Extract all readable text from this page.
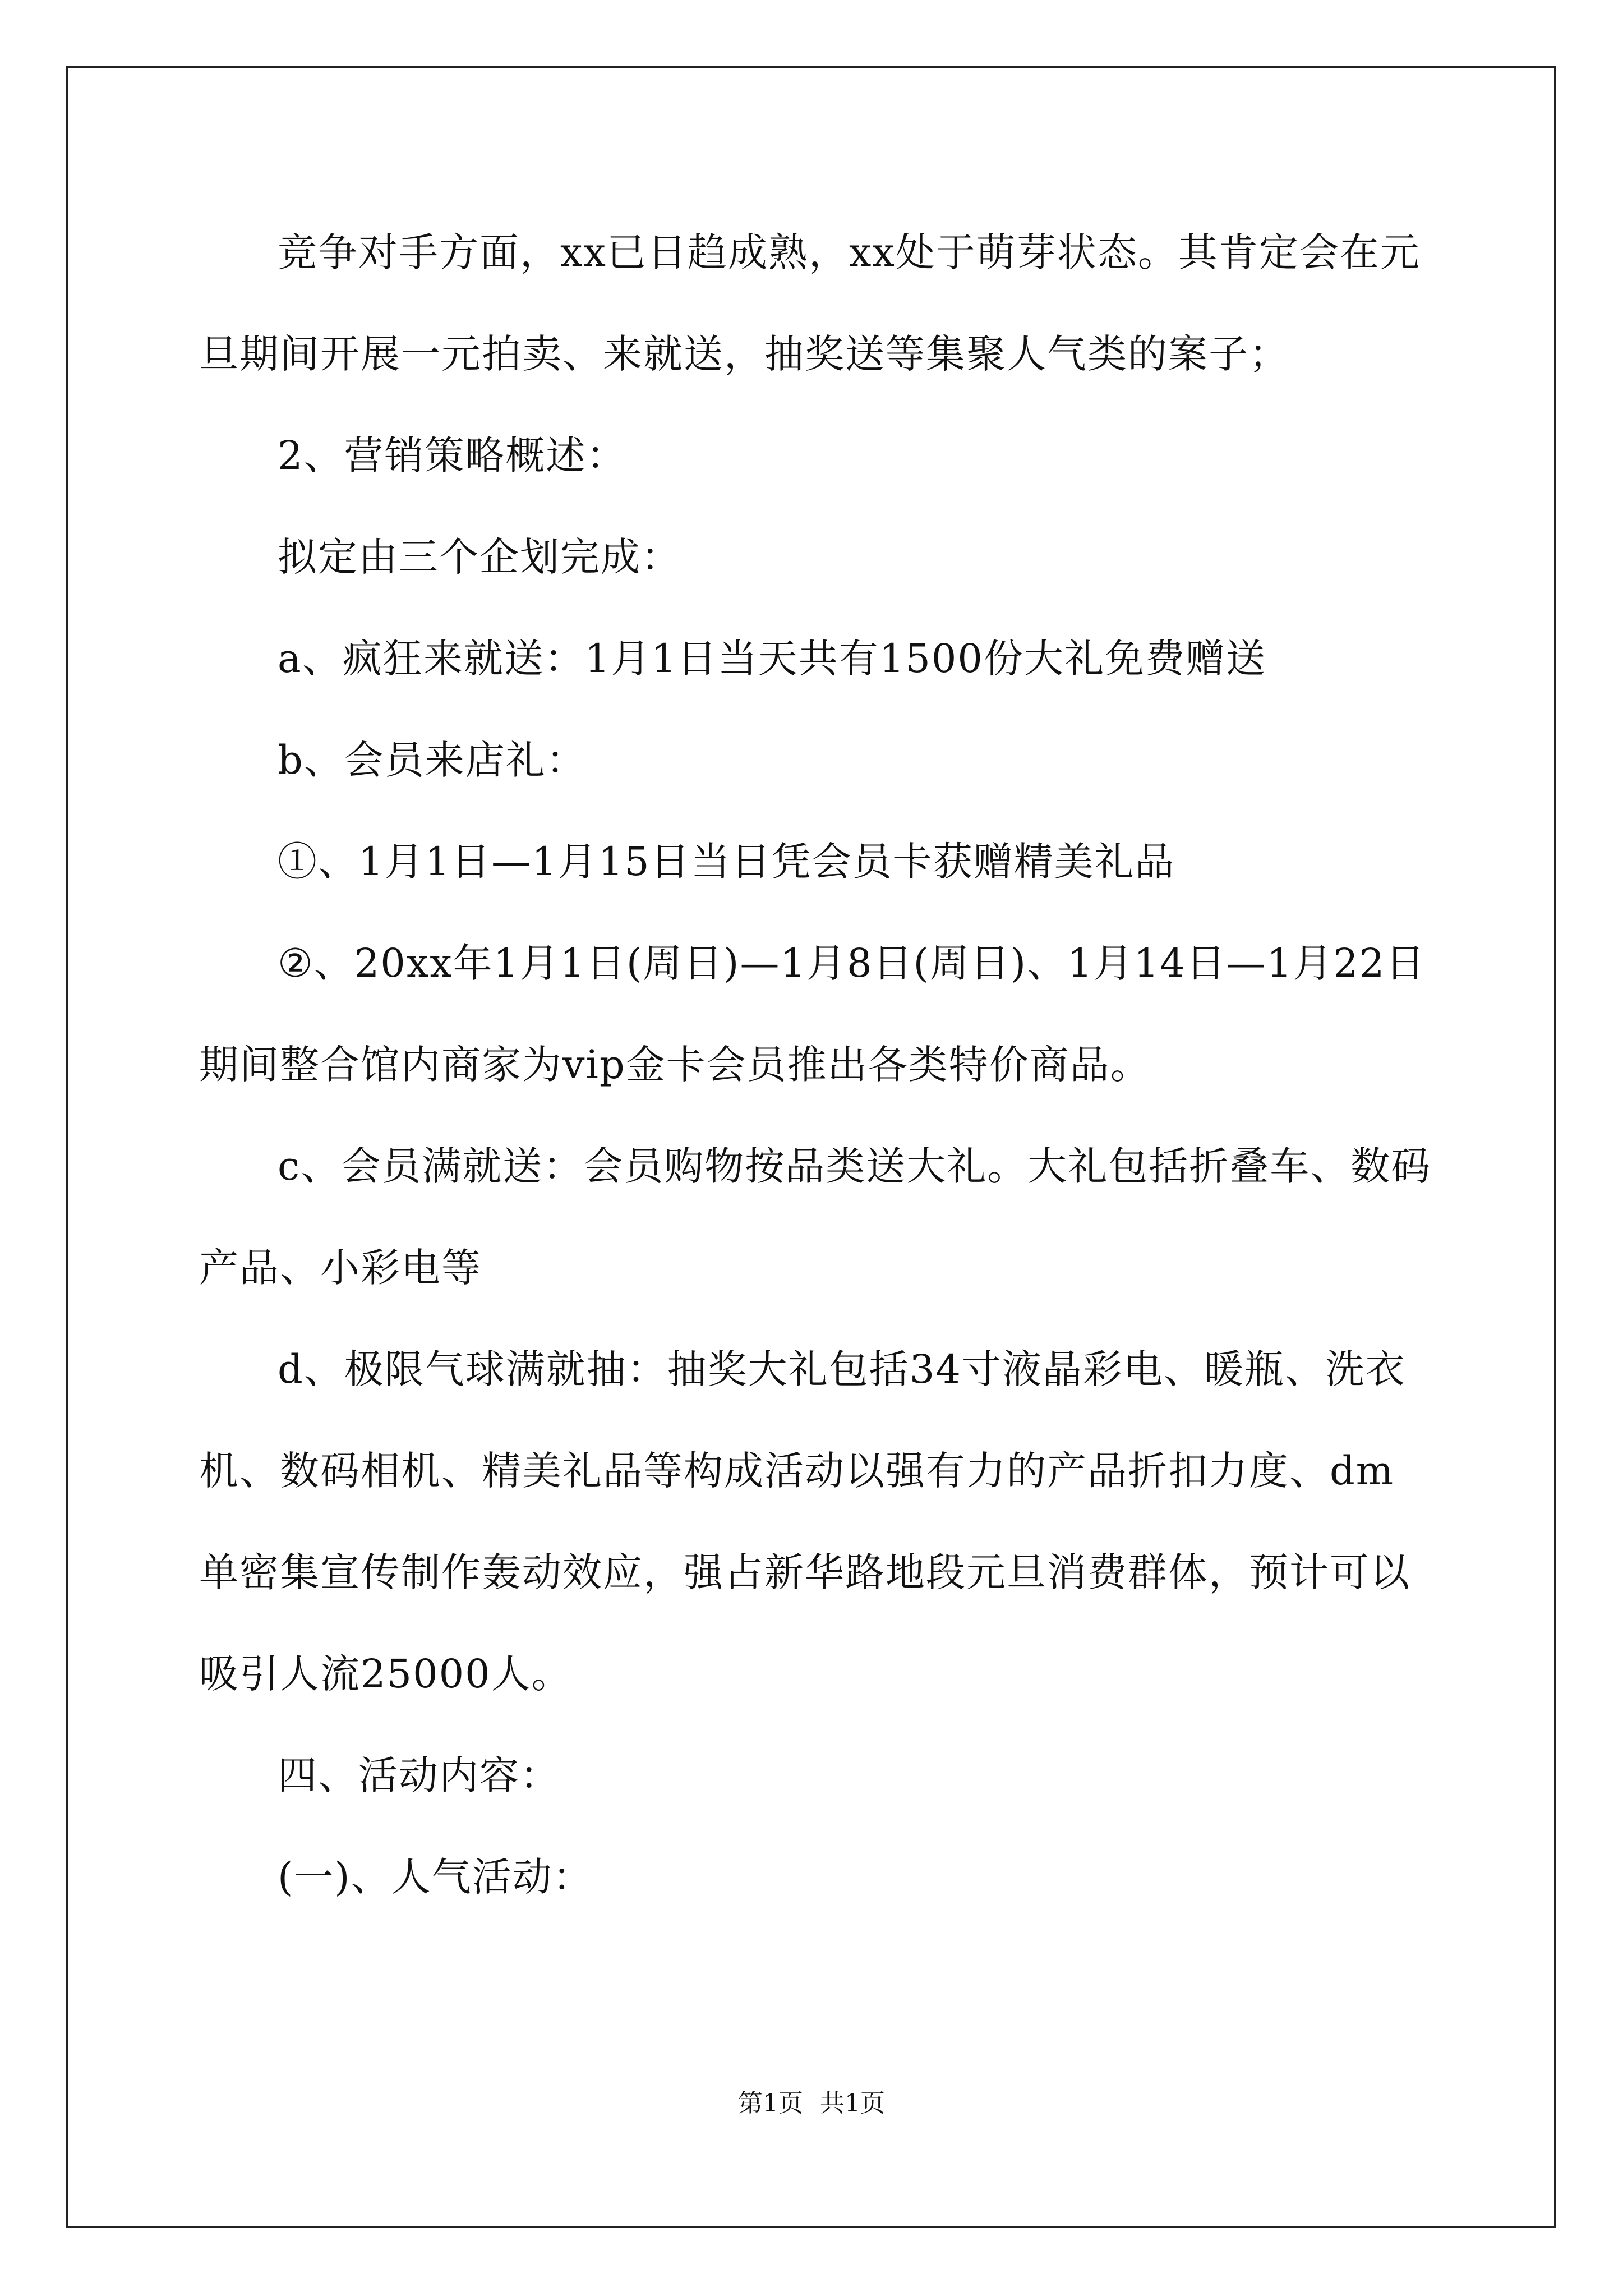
竞争对手方面，xx已日趋成熟，xx处于萌芽状态。其肯定会在元旦期间开展一元拍卖、来就送，抽奖送等集聚人气类的案子；

2、营销策略概述：

拟定由三个企划完成：

a、疯狂来就送：1月1日当天共有1500份大礼免费赠送

b、会员来店礼：

①、1月1日—1月15日当日凭会员卡获赠精美礼品

②、20xx年1月1日(周日)—1月8日(周日)、1月14日—1月22日期间整合馆内商家为vip金卡会员推出各类特价商品。

c、会员满就送：会员购物按品类送大礼。大礼包括折叠车、数码产品、小彩电等

d、极限气球满就抽：抽奖大礼包括34寸液晶彩电、暖瓶、洗衣机、数码相机、精美礼品等构成活动以强有力的产品折扣力度、dm单密集宣传制作轰动效应，强占新华路地段元旦消费群体，预计可以吸引人流25000人。

四、活动内容：

(一)、人气活动：

第1页 共1页
